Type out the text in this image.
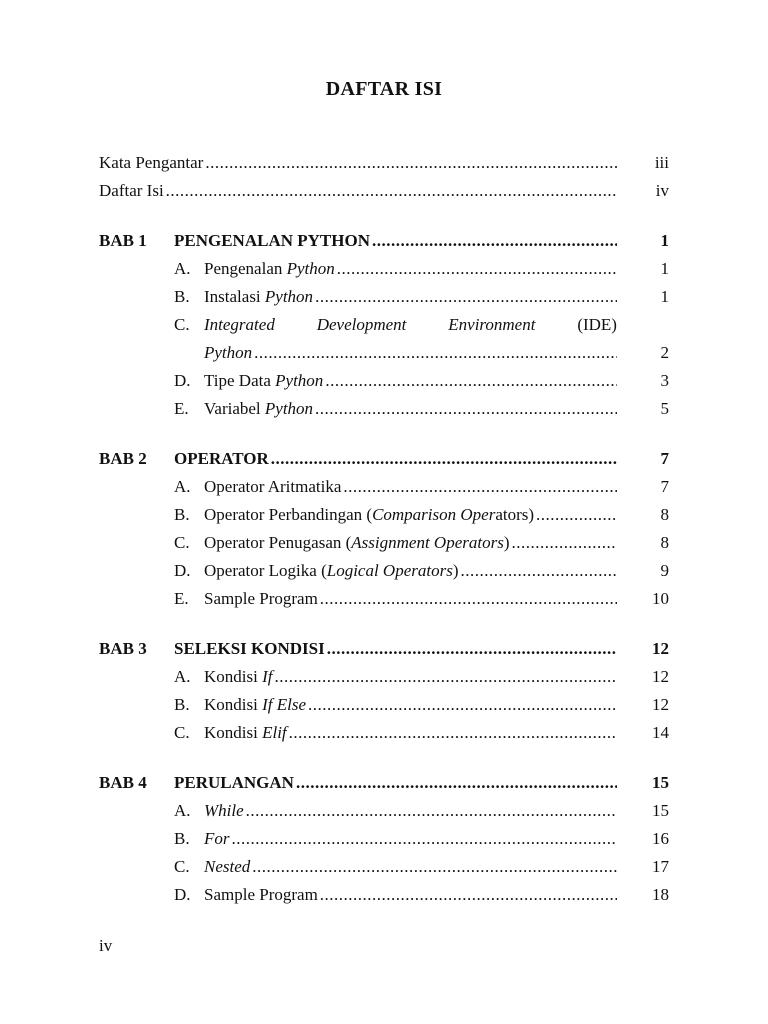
DAFTAR ISI
Kata Pengantar .....	iii
Daftar Isi .....	iv
BAB 1	PENGENALAN PYTHON .....	1
A. Pengenalan Python .....	1
B. Instalasi Python .....	1
C. Integrated Development Environment (IDE)
Python .....	2
D. Tipe Data Python .....	3
E. Variabel Python .....	5
BAB 2	OPERATOR .....	7
A. Operator Aritmatika .....	7
B. Operator Perbandingan (Comparison Operators) .....	8
C. Operator Penugasan (Assignment Operators) .....	8
D. Operator Logika (Logical Operators) .....	9
E. Sample Program .....	10
BAB 3	SELEKSI KONDISI .....	12
A. Kondisi If .....	12
B. Kondisi If Else .....	12
C. Kondisi Elif .....	14
BAB 4	PERULANGAN .....	15
A. While .....	15
B. For .....	16
C. Nested .....	17
D. Sample Program .....	18
iv
